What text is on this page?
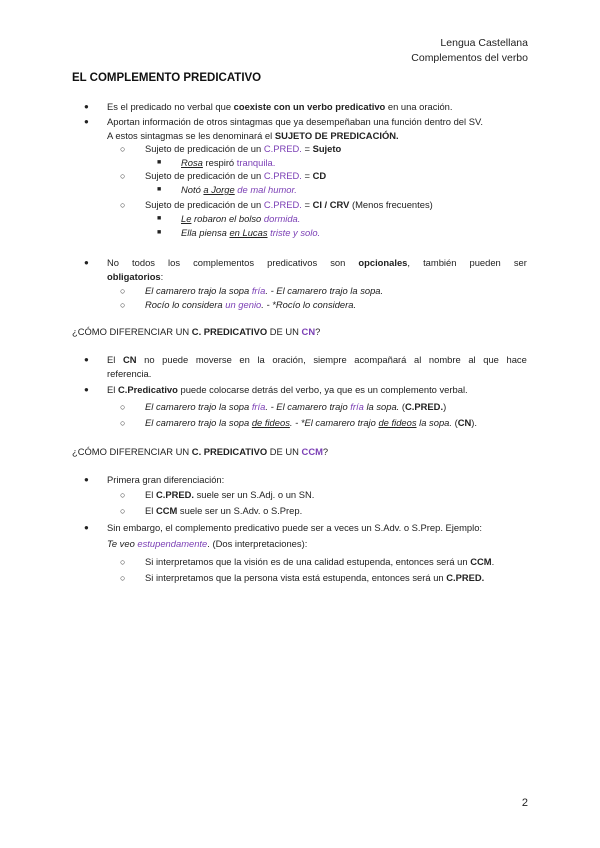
Lengua Castellana
Complementos del verbo
EL COMPLEMENTO PREDICATIVO
● Es el predicado no verbal que coexiste con un verbo predicativo en una oración.
● Aportan información de otros sintagmas que ya desempeñaban una función dentro del SV.
A estos sintagmas se les denominará el SUJETO DE PREDICACIÓN.
○ Sujeto de predicación de un C.PRED. = Sujeto
■ Rosa respiró tranquila.
○ Sujeto de predicación de un C.PRED. = CD
■ Notó a Jorge de mal humor.
○ Sujeto de predicación de un C.PRED. = CI / CRV (Menos frecuentes)
■ Le robaron el bolso dormida.
■ Ella piensa en Lucas triste y solo.
● No todos los complementos predicativos son opcionales, también pueden ser
obligatorios:
○ El camarero trajo la sopa fría. - El camarero trajo la sopa.
○ Rocío lo considera un genio. - *Rocío lo considera.
¿CÓMO DIFERENCIAR UN C. PREDICATIVO DE UN CN?
● El CN no puede moverse en la oración, siempre acompañará al nombre al que hace
referencia.
● El C.Predicativo puede colocarse detrás del verbo, ya que es un complemento verbal.
○ El camarero trajo la sopa fría. - El camarero trajo fría la sopa. (C.PRED.)
○ El camarero trajo la sopa de fideos. - *El camarero trajo de fideos la sopa. (CN).
¿CÓMO DIFERENCIAR UN C. PREDICATIVO DE UN CCM?
● Primera gran diferenciación:
○ El C.PRED. suele ser un S.Adj. o un SN.
○ El CCM suele ser un S.Adv. o S.Prep.
● Sin embargo, el complemento predicativo puede ser a veces un S.Adv. o S.Prep. Ejemplo:
Te veo estupendamente. (Dos interpretaciones):
○ Si interpretamos que la visión es de una calidad estupenda, entonces será un CCM.
○ Si interpretamos que la persona vista está estupenda, entonces será un C.PRED.
2
